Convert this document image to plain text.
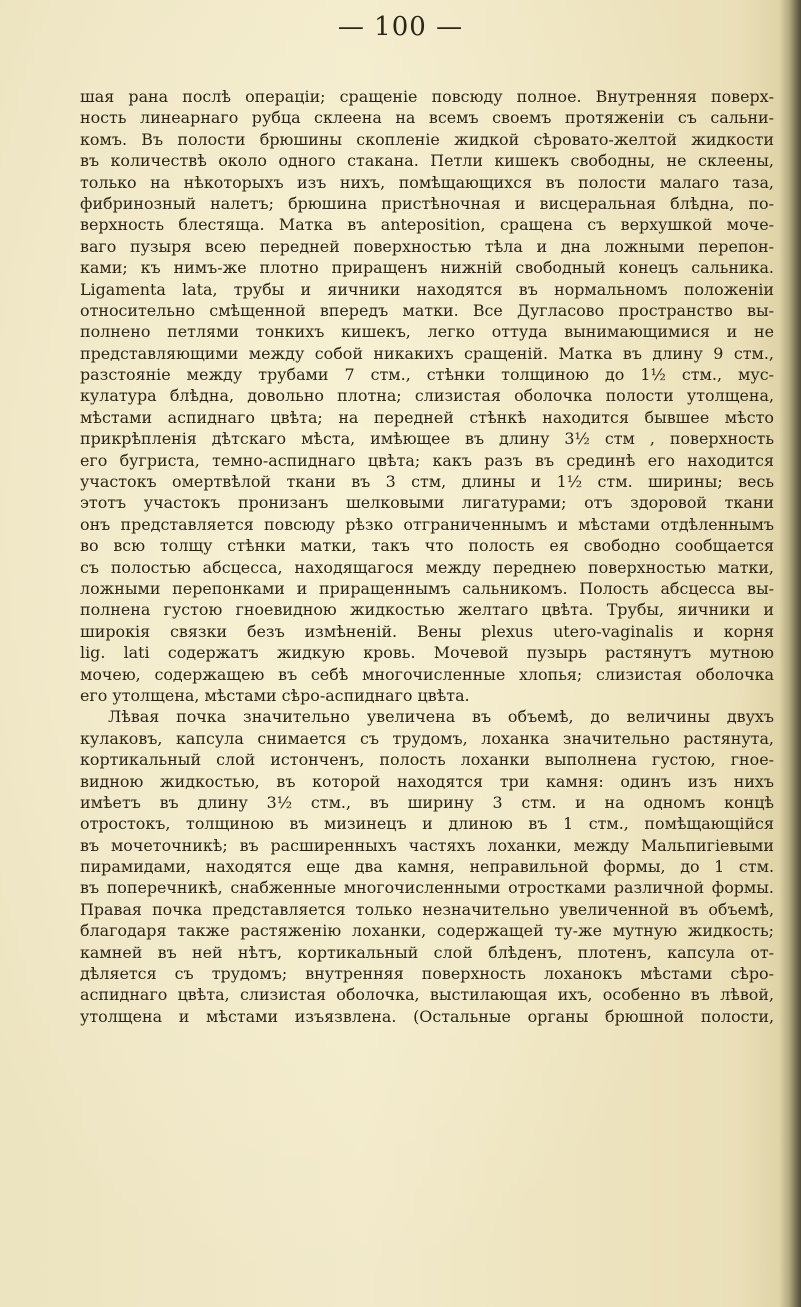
— 100 —
шая рана послѣ операціи; сращеніе повсюду полное. Внутренняя поверх-
ность линеарнаго рубца склеена на всемъ своемъ протяженіи съ сальни-
комъ. Въ полости брюшины скопленіе жидкой сѣровато-желтой жидкости
въ количествѣ около одного стакана. Петли кишекъ свободны, не склеены,
только на нѣкоторыхъ изъ нихъ, помѣщающихся въ полости малаго таза,
фибринозный налетъ; брюшина пристѣночная и висцеральная блѣдна, по-
верхность блестяща. Матка въ anteposition, сращена съ верхушкой моче-
ваго пузыря всею передней поверхностью тѣла и дна ложными перепон-
ками; къ нимъ-же плотно приращенъ нижній свободный конецъ сальника.
Ligamenta lata, трубы и яичники находятся въ нормальномъ положеніи
относительно смѣщенной впередъ матки. Все Дугласово пространство вы-
полнено петлями тонкихъ кишекъ, легко оттуда вынимающимися и не
представляющими между собой никакихъ сращеній. Матка въ длину 9 стм.,
разстояніе между трубами 7 стм., стѣнки толщиною до 1½ стм., мус-
кулатура блѣдна, довольно плотна; слизистая оболочка полости утолщена,
мѣстами аспиднаго цвѣта; на передней стѣнкѣ находится бывшее мѣсто
прикрѣпленія дѣтскаго мѣста, имѣющее въ длину 3½ стм , поверхность
его бугриста, темно-аспиднаго цвѣта; какъ разъ въ срединѣ его находится
участокъ омертвѣлой ткани въ 3 стм, длины и 1½ стм. ширины; весь
этотъ участокъ пронизанъ шелковыми лигатурами; отъ здоровой ткани
онъ представляется повсюду рѣзко отграниченнымъ и мѣстами отдѣленнымъ
во всю толщу стѣнки матки, такъ что полость ея свободно сообщается
съ полостью абсцесса, находящагося между переднею поверхностью матки,
ложными перепонками и приращеннымъ сальникомъ. Полость абсцесса вы-
полнена густою гноевидною жидкостью желтаго цвѣта. Трубы, яичники и
широкія связки безъ измѣненій. Вены plexus utero-vaginalis и корня
lig. lati содержатъ жидкую кровь. Мочевой пузырь растянутъ мутною
мочею, содержащею въ себѣ многочисленные хлопья; слизистая оболочка
его утолщена, мѣстами сѣро-аспиднаго цвѣта.
Лѣвая почка значительно увеличена въ объемѣ, до величины двухъ
кулаковъ, капсула снимается съ трудомъ, лоханка значительно растянута,
кортикальный слой истонченъ, полость лоханки выполнена густою, гное-
видною жидкостью, въ которой находятся три камня: одинъ изъ нихъ
имѣетъ въ длину 3½ стм., въ ширину 3 стм. и на одномъ концѣ
отростокъ, толщиною въ мизинецъ и длиною въ 1 стм., помѣщающійся
въ мочеточникѣ; въ расширенныхъ частяхъ лоханки, между Мальпигіевыми
пирамидами, находятся еще два камня, неправильной формы, до 1 стм.
въ поперечникѣ, снабженные многочисленными отростками различной формы.
Правая почка представляется только незначительно увеличенной въ объемѣ,
благодаря также растяженію лоханки, содержащей ту-же мутную жидкость;
камней въ ней нѣтъ, кортикальный слой блѣденъ, плотенъ, капсула от-
дѣляется съ трудомъ; внутренняя поверхность лоханокъ мѣстами сѣро-
аспиднаго цвѣта, слизистая оболочка, выстилающая ихъ, особенно въ лѣвой,
утолщена и мѣстами изъязвлена. (Остальные органы брюшной полости,
